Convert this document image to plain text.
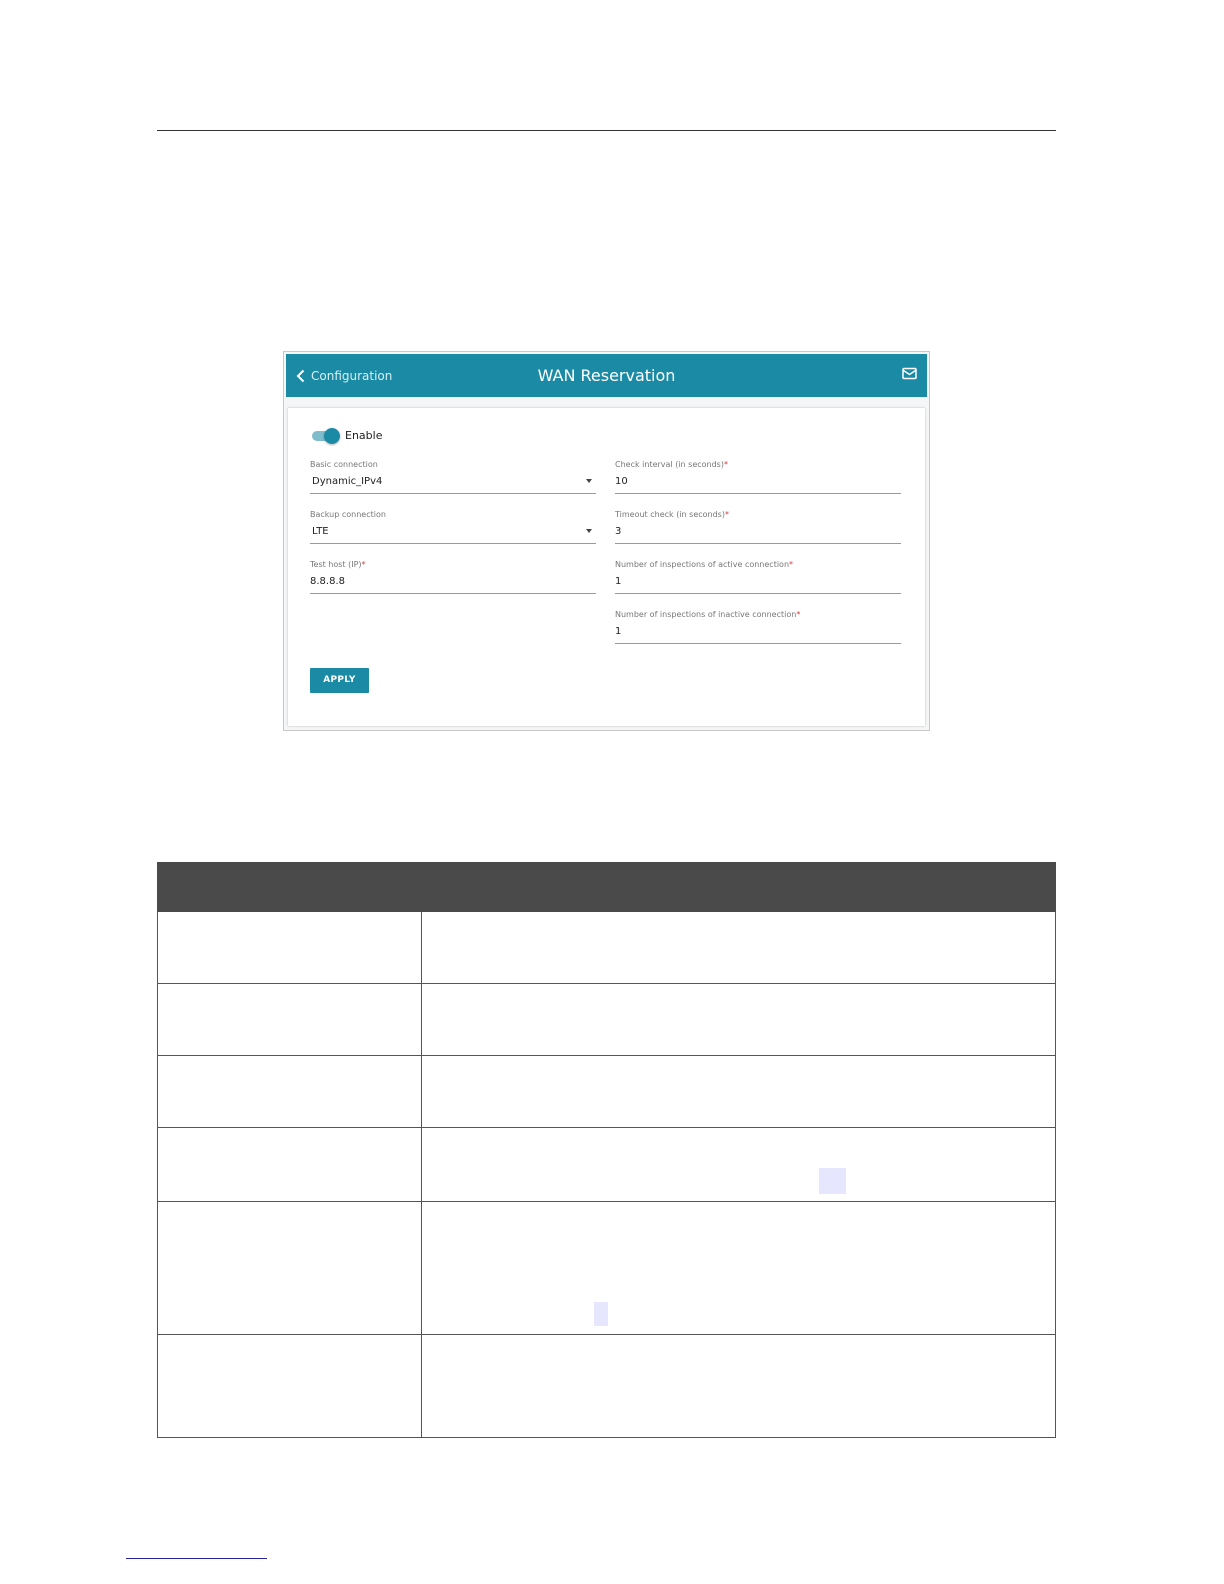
Configuration	WAN Reservation
Enable
Basic connection
Dynamic_IPv4
Backup connection
LTE
Test host (IP)*
8.8.8.8
Check interval (in seconds)*
10
Timeout check (in seconds)*
3
Number of inspections of active connection*
1
Number of inspections of inactive connection*
1
APPLY
